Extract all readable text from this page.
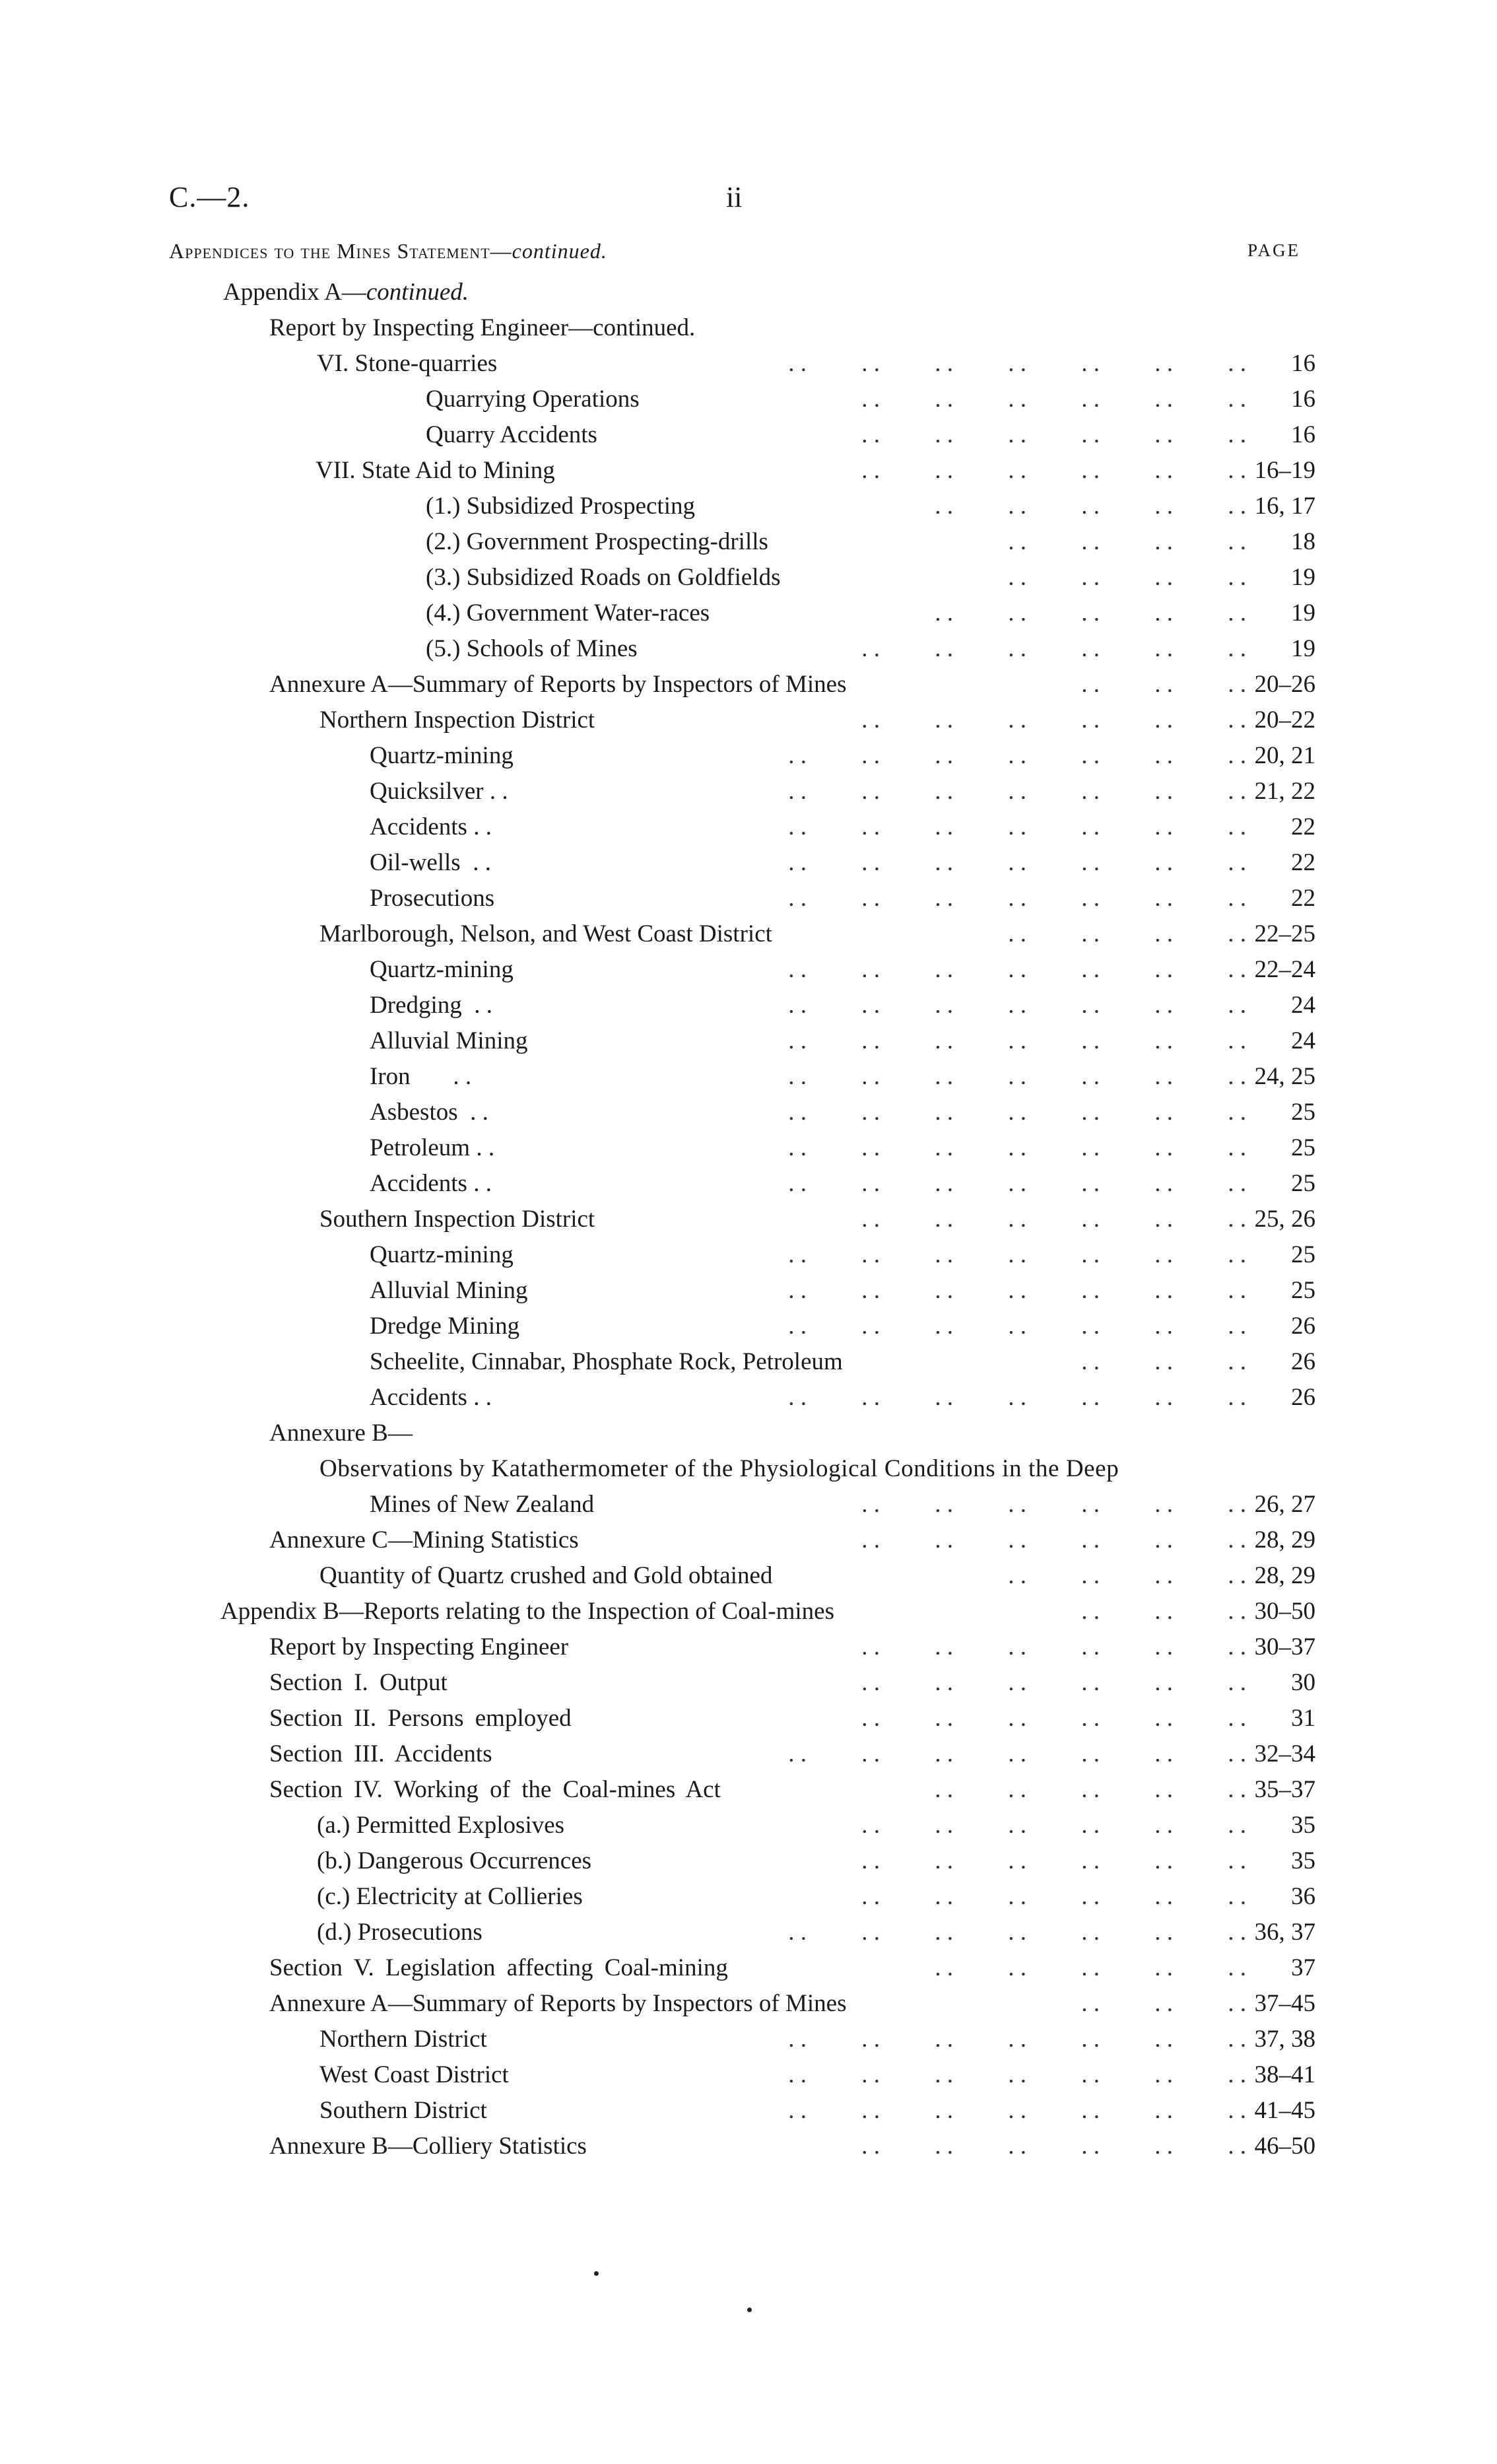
C.—2.	ii
Appendices to the Mines Statement—continued.	PAGE
Appendix A—continued.
Report by Inspecting Engineer—continued.
VI. Stone-quarries	. .         . .         . .         . .         . .         . .         . . 16
Quarrying Operations	. .         . .         . .         . .         . .         . . 16
Quarry Accidents	. .         . .         . .         . .         . .         . . 16
VII. State Aid to Mining	. .         . .         . .         . .         . .         . . 16–19
(1.) Subsidized Prospecting	. .         . .         . .         . .         . . 16, 17
(2.) Government Prospecting-drills	. .         . .         . .         . . 18
(3.) Subsidized Roads on Goldfields	. .         . .         . .         . . 19
(4.) Government Water-races	. .         . .         . .         . .         . . 19
(5.) Schools of Mines	. .         . .         . .         . .         . .         . . 19
Annexure A—Summary of Reports by Inspectors of Mines	. .         . .         . . 20–26
Northern Inspection District	. .         . .         . .         . .         . .         . . 20–22
Quartz-mining	. .         . .         . .         . .         . .         . .         . . 20, 21
Quicksilver . .	. .         . .         . .         . .         . .         . .         . . 21, 22
Accidents . .	. .         . .         . .         . .         . .         . .         . . 22
Oil-wells  . .	. .         . .         . .         . .         . .         . .         . . 22
Prosecutions	. .         . .         . .         . .         . .         . .         . . 22
Marlborough, Nelson, and West Coast District	. .         . .         . .         . . 22–25
Quartz-mining	. .         . .         . .         . .         . .         . .         . . 22–24
Dredging  . .	. .         . .         . .         . .         . .         . .         . . 24
Alluvial Mining	. .         . .         . .         . .         . .         . .         . . 24
Iron       . .	. .         . .         . .         . .         . .         . .         . . 24, 25
Asbestos  . .	. .         . .         . .         . .         . .         . .         . . 25
Petroleum . .	. .         . .         . .         . .         . .         . .         . . 25
Accidents . .	. .         . .         . .         . .         . .         . .         . . 25
Southern Inspection District	. .         . .         . .         . .         . .         . . 25, 26
Quartz-mining	. .         . .         . .         . .         . .         . .         . . 25
Alluvial Mining	. .         . .         . .         . .         . .         . .         . . 25
Dredge Mining	. .         . .         . .         . .         . .         . .         . . 26
Scheelite, Cinnabar, Phosphate Rock, Petroleum	. .         . .         . . 26
Accidents . .	. .         . .         . .         . .         . .         . .         . . 26
Annexure B—
Observations by Katathermometer of the Physiological Conditions in the Deep
Mines of New Zealand	. .         . .         . .         . .         . .         . . 26, 27
Annexure C—Mining Statistics	. .         . .         . .         . .         . .         . . 28, 29
Quantity of Quartz crushed and Gold obtained	. .         . .         . .         . . 28, 29
Appendix B—Reports relating to the Inspection of Coal-mines	. .         . .         . . 30–50
Report by Inspecting Engineer	. .         . .         . .         . .         . .         . . 30–37
Section I. Output	. .         . .         . .         . .         . .         . . 30
Section II. Persons employed	. .         . .         . .         . .         . .         . . 31
Section III. Accidents	. .         . .         . .         . .         . .         . .         . . 32–34
Section IV. Working of the Coal-mines Act	. .         . .         . .         . .         . . 35–37
(a.) Permitted Explosives	. .         . .         . .         . .         . .         . . 35
(b.) Dangerous Occurrences	. .         . .         . .         . .         . .         . . 35
(c.) Electricity at Collieries	. .         . .         . .         . .         . .         . . 36
(d.) Prosecutions	. .         . .         . .         . .         . .         . .         . . 36, 37
Section V. Legislation affecting Coal-mining	. .         . .         . .         . .         . . 37
Annexure A—Summary of Reports by Inspectors of Mines	. .         . .         . . 37–45
Northern District	. .         . .         . .         . .         . .         . .         . . 37, 38
West Coast District	. .         . .         . .         . .         . .         . .         . . 38–41
Southern District	. .         . .         . .         . .         . .         . .         . . 41–45
Annexure B—Colliery Statistics	. .         . .         . .         . .         . .         . . 46–50
